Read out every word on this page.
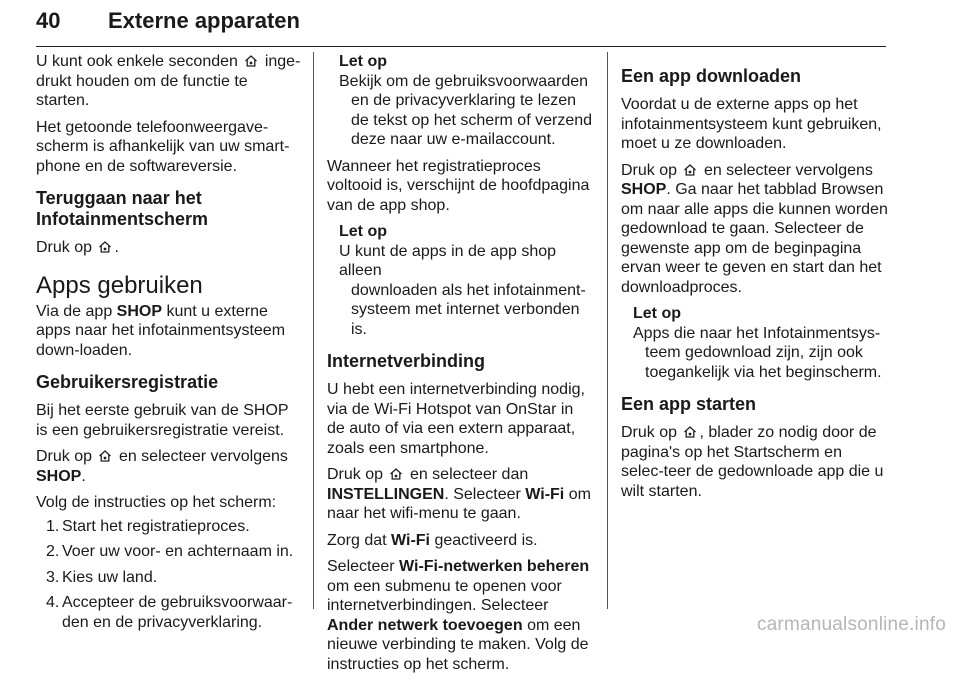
40 Externe apparaten

U kunt ook enkele seconden inge- drukt houden om de functie te starten.

Het getoonde telefoonweergave-scherm is afhankelijk van uw smart-phone en de softwareversie.

Teruggaan naar het
Infotainmentscherm

Druk op .

Apps gebruiken

Via de app SHOP kunt u externe apps naar het infotainmentsysteem down-loaden.

Gebruikersregistratie

Bij het eerste gebruik van de SHOP is een gebruikersregistratie vereist.

Druk op en selecteer vervolgens SHOP.

Volg de instructies op het scherm:

1. Start het registratieproces.
2. Voer uw voor- en achternaam in.
3. Kies uw land.
4. Accepteer de gebruiksvoorwaar-den en de privacyverklaring.
Let op
Bekijk om de gebruiksvoorwaarden
en de privacyverklaring te lezen de tekst op het scherm of verzend deze naar uw e-mailaccount.

Wanneer het registratieproces voltooid is, verschijnt de hoofdpagina van de app shop.

Let op
U kunt de apps in de app shop alleen
downloaden als het infotainment-systeem met internet verbonden is.
Internetverbinding

U hebt een internetverbinding nodig, via de Wi-Fi Hotspot van OnStar in de auto of via een extern apparaat, zoals een smartphone.

Druk op en selecteer dan
INSTELLINGEN. Selecteer Wi-Fi om naar het wifi-menu te gaan.

Zorg dat Wi-Fi geactiveerd is.

Selecteer Wi-Fi-netwerken beheren om een submenu te openen voor internetverbindingen. Selecteer Ander netwerk toevoegen om een nieuwe verbinding te maken. Volg de instructies op het scherm.

Een app downloaden

Voordat u de externe apps op het infotainmentsysteem kunt gebruiken, moet u ze downloaden.

Druk op en selecteer vervolgens
SHOP. Ga naar het tabblad Browsen om naar alle apps die kunnen worden gedownload te gaan. Selecteer de gewenste app om de beginpagina ervan weer te geven en start dan het downloadproces.

Let op
Apps die naar het Infotainmentsys-
teem gedownload zijn, zijn ook toegankelijk via het beginscherm.
Een app starten

Druk op , blader zo nodig door de pagina's op het Startscherm en selec-teer de gedownloade app die u wilt starten.

carmanualsonline.info
